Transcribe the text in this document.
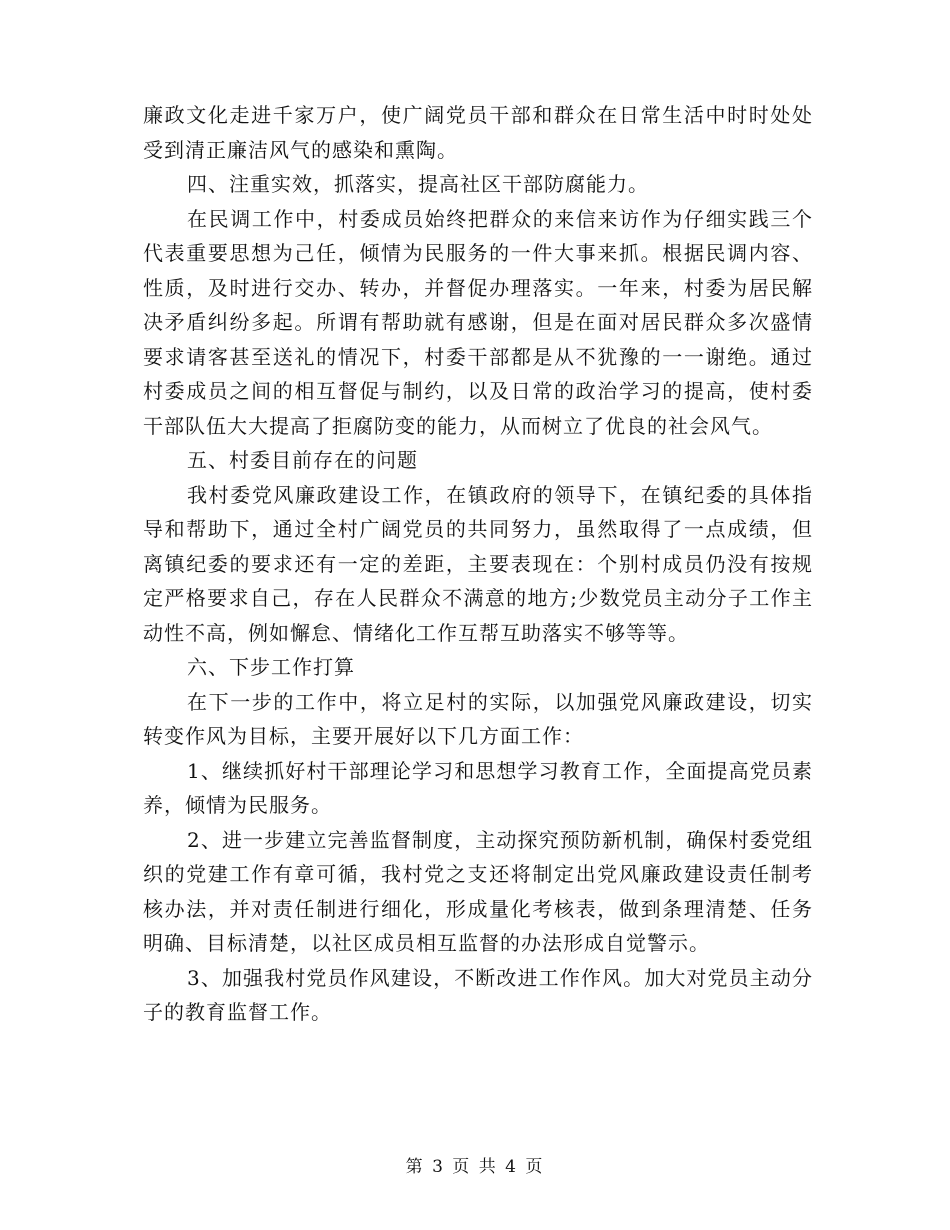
廉政文化走进千家万户，使广阔党员干部和群众在日常生活中时时处处受到清正廉洁风气的感染和熏陶。

四、注重实效，抓落实，提高社区干部防腐能力。

在民调工作中，村委成员始终把群众的来信来访作为仔细实践三个代表重要思想为己任，倾情为民服务的一件大事来抓。根据民调内容、性质，及时进行交办、转办，并督促办理落实。一年来，村委为居民解决矛盾纠纷多起。所谓有帮助就有感谢，但是在面对居民群众多次盛情要求请客甚至送礼的情况下，村委干部都是从不犹豫的一一谢绝。通过村委成员之间的相互督促与制约，以及日常的政治学习的提高，使村委干部队伍大大提高了拒腐防变的能力，从而树立了优良的社会风气。

五、村委目前存在的问题

我村委党风廉政建设工作，在镇政府的领导下，在镇纪委的具体指导和帮助下，通过全村广阔党员的共同努力，虽然取得了一点成绩，但离镇纪委的要求还有一定的差距，主要表现在：个别村成员仍没有按规定严格要求自己，存在人民群众不满意的地方;少数党员主动分子工作主动性不高，例如懈怠、情绪化工作互帮互助落实不够等等。

六、下步工作打算

在下一步的工作中，将立足村的实际，以加强党风廉政建设，切实转变作风为目标，主要开展好以下几方面工作：

1、继续抓好村干部理论学习和思想学习教育工作，全面提高党员素养，倾情为民服务。

2、进一步建立完善监督制度，主动探究预防新机制，确保村委党组织的党建工作有章可循，我村党之支还将制定出党风廉政建设责任制考核办法，并对责任制进行细化，形成量化考核表，做到条理清楚、任务明确、目标清楚，以社区成员相互监督的办法形成自觉警示。

3、加强我村党员作风建设，不断改进工作作风。加大对党员主动分子的教育监督工作。

第 3 页 共 4 页
